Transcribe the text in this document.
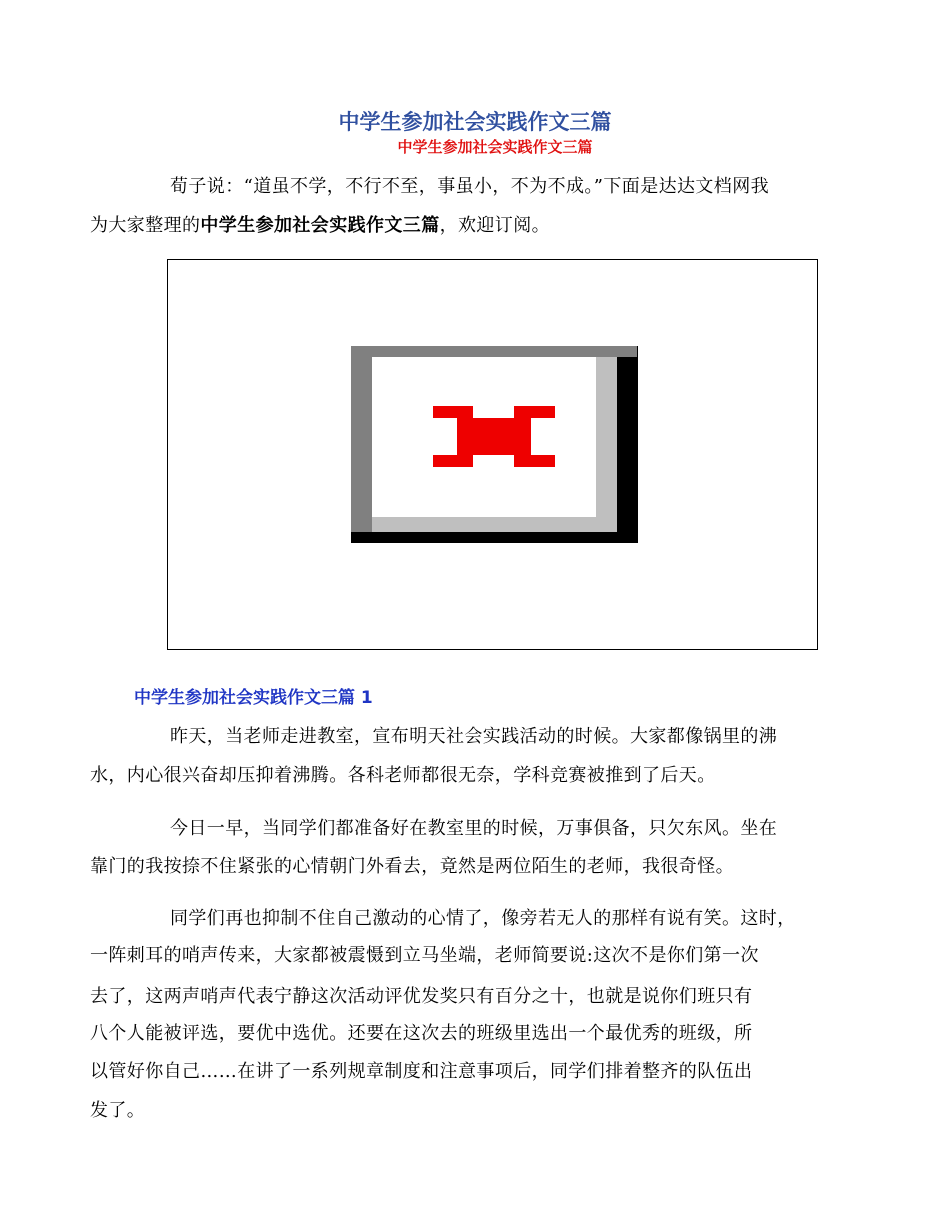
中学生参加社会实践作文三篇
中学生参加社会实践作文三篇
荀子说：“道虽不学，不行不至，事虽小，不为不成。”下面是达达文档网我
为大家整理的中学生参加社会实践作文三篇，欢迎订阅。
中学生参加社会实践作文三篇 1
昨天，当老师走进教室，宣布明天社会实践活动的时候。大家都像锅里的沸
水，内心很兴奋却压抑着沸腾。各科老师都很无奈，学科竞赛被推到了后天。
今日一早，当同学们都准备好在教室里的时候，万事俱备，只欠东风。坐在
靠门的我按捺不住紧张的心情朝门外看去，竟然是两位陌生的老师，我很奇怪。
同学们再也抑制不住自己激动的心情了，像旁若无人的那样有说有笑。这时，
一阵刺耳的哨声传来，大家都被震慑到立马坐端，老师简要说:这次不是你们第一次
去了，这两声哨声代表宁静这次活动评优发奖只有百分之十，也就是说你们班只有
八个人能被评选，要优中选优。还要在这次去的班级里选出一个最优秀的班级，所
以管好你自己……在讲了一系列规章制度和注意事项后，同学们排着整齐的队伍出
发了。
